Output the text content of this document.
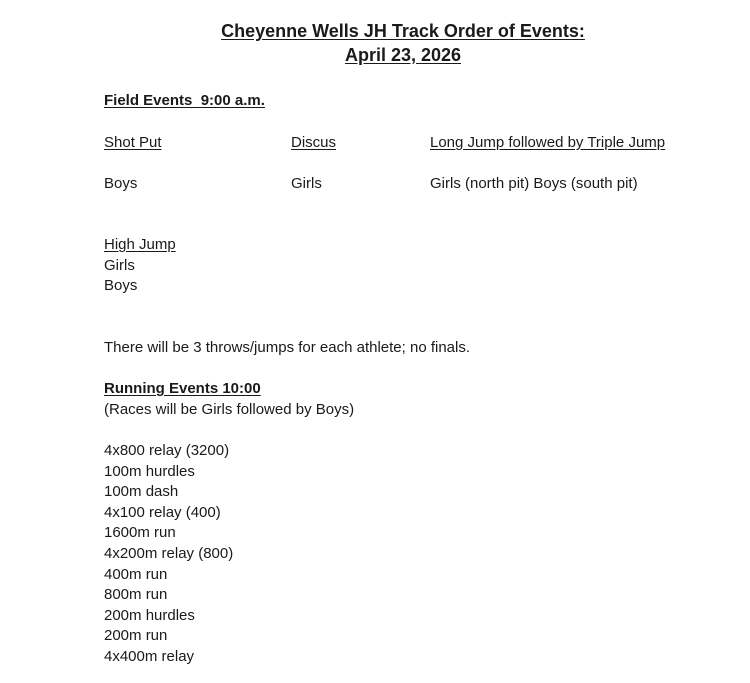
Cheyenne Wells JH Track Order of Events:
April 23, 2026
Field Events  9:00 a.m.
Shot Put	Discus	Long Jump followed by Triple Jump
Boys	Girls	Girls (north pit) Boys (south pit)
High Jump
Girls
Boys
There will be 3 throws/jumps for each athlete; no finals.
Running Events 10:00
(Races will be Girls followed by Boys)
4x800 relay (3200)
100m hurdles
100m dash
4x100 relay (400)
1600m run
4x200m relay (800)
400m run
800m run
200m hurdles
200m run
4x400m relay
